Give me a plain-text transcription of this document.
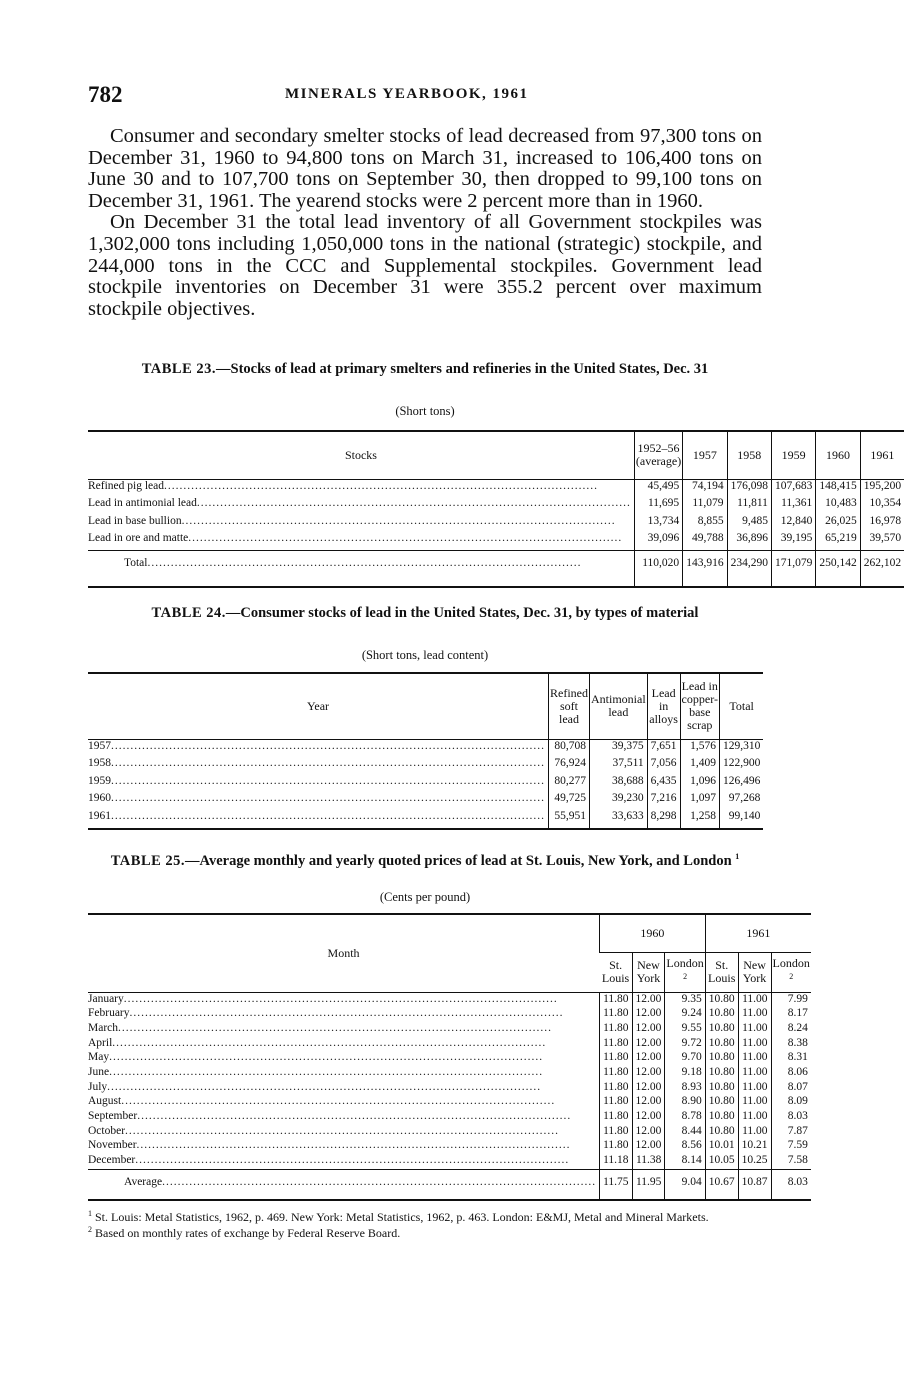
782	MINERALS YEARBOOK, 1961

Consumer and secondary smelter stocks of lead decreased from 97,300 tons on December 31, 1960 to 94,800 tons on March 31, increased to 106,400 tons on June 30 and to 107,700 tons on September 30, then dropped to 99,100 tons on December 31, 1961. The yearend stocks were 2 percent more than in 1960.

On December 31 the total lead inventory of all Government stockpiles was 1,302,000 tons including 1,050,000 tons in the national (strategic) stockpile, and 244,000 tons in the CCC and Supplemental stockpiles. Government lead stockpile inventories on December 31 were 355.2 percent over maximum stockpile objectives.

TABLE 23.—Stocks of lead at primary smelters and refineries in the United States, Dec. 31
(Short tons)
Stocks	1952–56 (average)	1957	1958	1959	1960	1961
Refined pig lead .....	45,495	74,194	176,098	107,683	148,415	195,200
Lead in antimonial lead .....	11,695	11,079	11,811	11,361	10,483	10,354
Lead in base bullion .....	13,734	8,855	9,485	12,840	26,025	16,978
Lead in ore and matte .....	39,096	49,788	36,896	39,195	65,219	39,570
Total .....	110,020	143,916	234,290	171,079	250,142	262,102
TABLE 24.—Consumer stocks of lead in the United States, Dec. 31, by types of material
(Short tons, lead content)
Year	Refined soft lead	Antimonial lead	Lead in alloys	Lead in copper-base scrap	Total
1957 .....	80,708	39,375	7,651	1,576	129,310
1958 .....	76,924	37,511	7,056	1,409	122,900
1959 .....	80,277	38,688	6,435	1,096	126,496
1960 .....	49,725	39,230	7,216	1,097	97,268
1961 .....	55,951	33,633	8,298	1,258	99,140
TABLE 25.—Average monthly and yearly quoted prices of lead at St. Louis, New York, and London $^1$
(Cents per pound)
Month	1960			1961		
	St. Louis	New York	London $^2$	St. Louis	New York	London $^2$
January .....	11.80	12.00	9.35	10.80	11.00	7.99
February .....	11.80	12.00	9.24	10.80	11.00	8.17
March .....	11.80	12.00	9.55	10.80	11.00	8.24
April .....	11.80	12.00	9.72	10.80	11.00	8.38
May .....	11.80	12.00	9.70	10.80	11.00	8.31
June .....	11.80	12.00	9.18	10.80	11.00	8.06
July .....	11.80	12.00	8.93	10.80	11.00	8.07
August .....	11.80	12.00	8.90	10.80	11.00	8.09
September .....	11.80	12.00	8.78	10.80	11.00	8.03
October .....	11.80	12.00	8.44	10.80	11.00	7.87
November .....	11.80	12.00	8.56	10.01	10.21	7.59
December .....	11.18	11.38	8.14	10.05	10.25	7.58
Average .....	11.75	11.95	9.04	10.67	10.87	8.03

$^1$ St. Louis: Metal Statistics, 1962, p. 469. New York: Metal Statistics, 1962, p. 463. London: E&MJ, Metal and Mineral Markets.

$^2$ Based on monthly rates of exchange by Federal Reserve Board.
